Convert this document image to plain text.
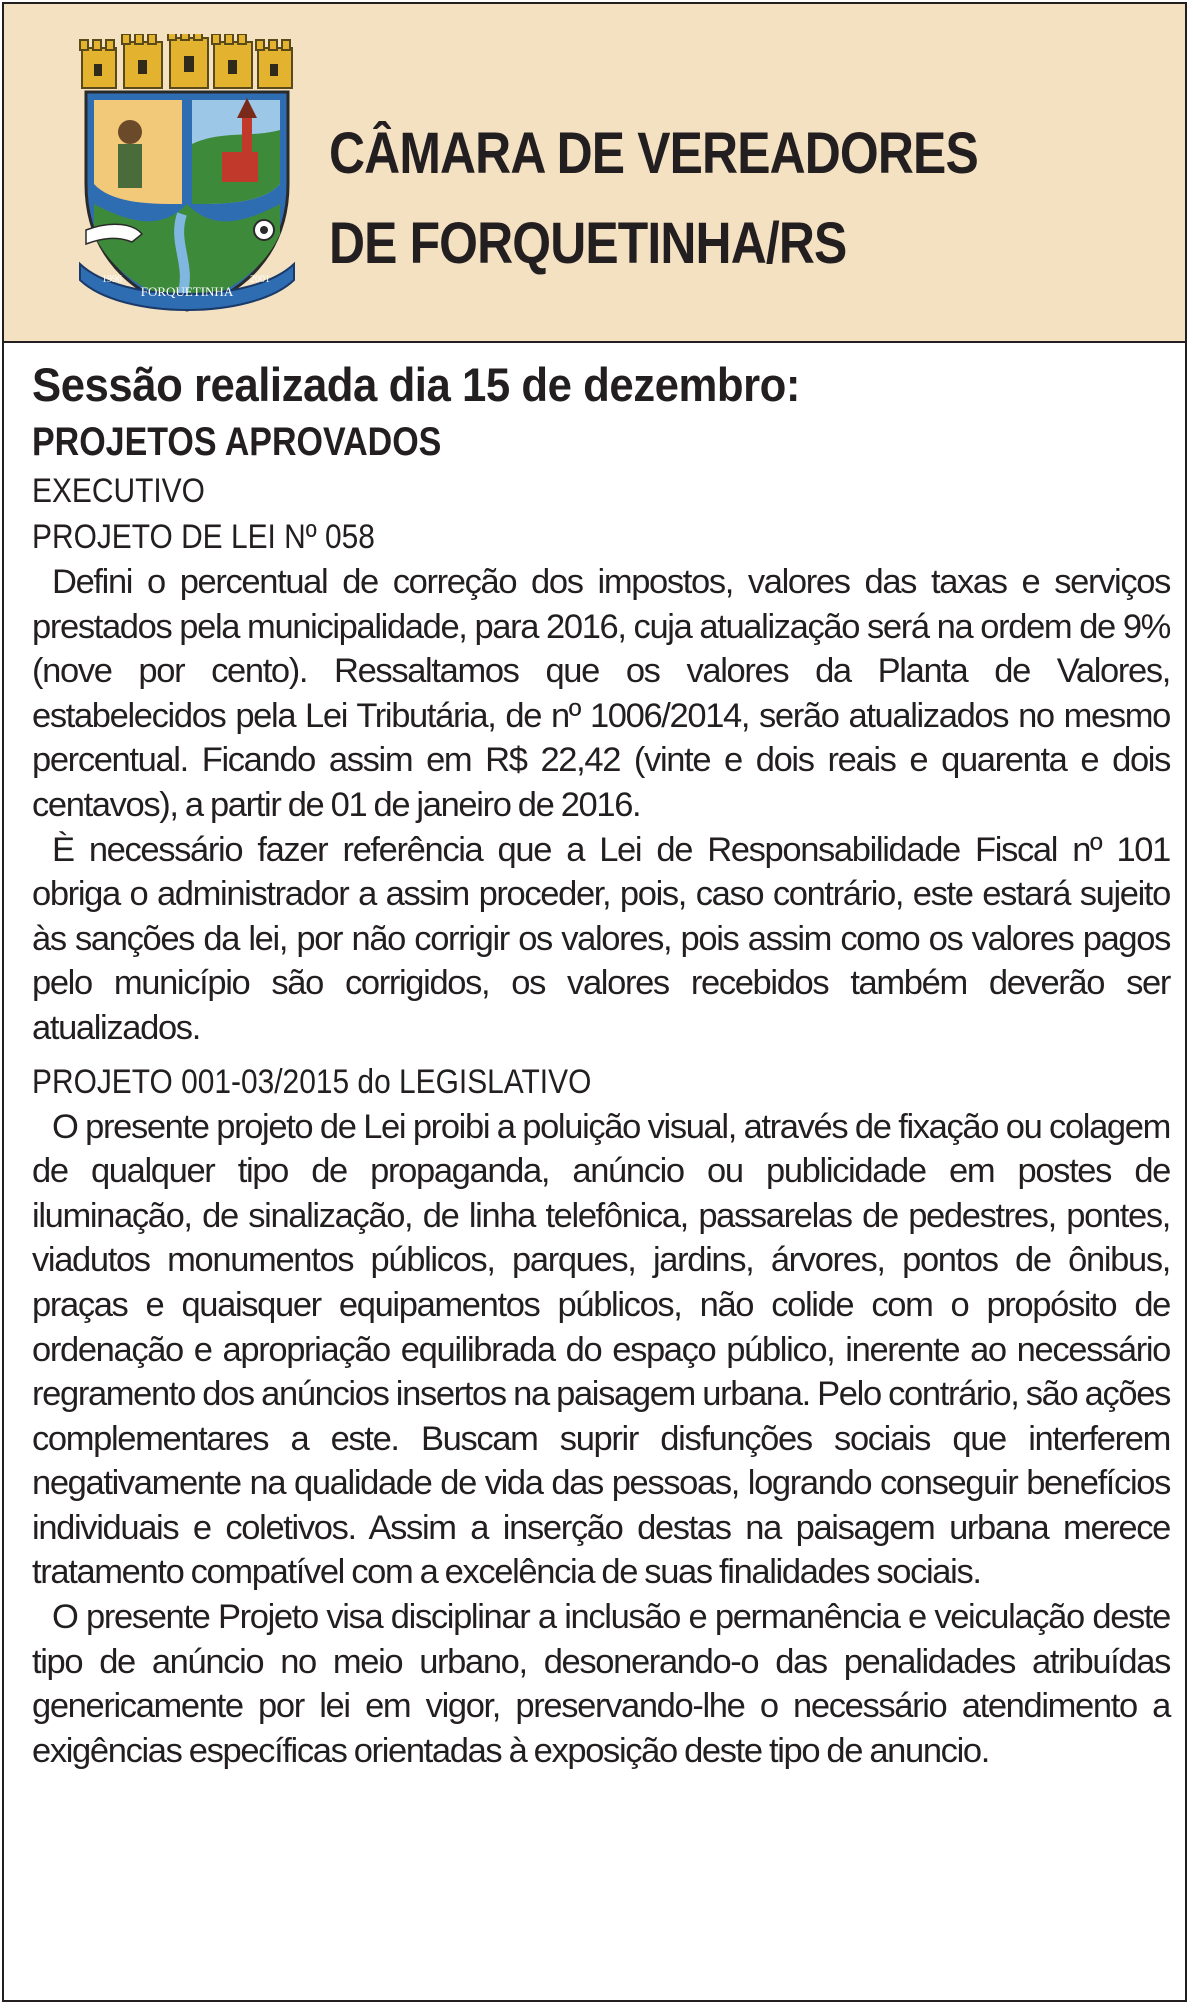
FORQUETINHA
1996	2001
CÂMARA DE VEREADORES
DE FORQUETINHA/RS

Sessão realizada dia 15 de dezembro:

PROJETOS APROVADOS

EXECUTIVO

PROJETO DE LEI Nº 058

Defini o percentual de correção dos impostos, valores das taxas e serviços prestados pela municipalidade, para 2016, cuja atualização será na ordem de 9% (nove por cento). Ressaltamos que os valores da Planta de Valores, estabelecidos pela Lei Tributária, de nº 1006/2014, serão atualizados no mesmo percentual. Ficando assim em R$ 22,42 (vinte e dois reais e quarenta e dois centavos), a partir de 01 de janeiro de 2016.

È necessário fazer referência que a Lei de Responsabilidade Fiscal nº 101 obriga o administrador a assim proceder, pois, caso contrário, este estará sujeito às sanções da lei, por não corrigir os valores, pois assim como os valores pagos pelo município são corrigidos, os valores recebidos também deverão ser atualizados.

PROJETO 001-03/2015 do LEGISLATIVO

O presente projeto de Lei proibi a poluição visual, através de fixação ou colagem de qualquer tipo de propaganda, anúncio ou publicidade em postes de iluminação, de sinalização, de linha telefônica, passarelas de pedestres, pontes, viadutos monumentos públicos, parques, jardins, árvores, pontos de ônibus, praças e quaisquer equipamentos públicos, não colide com o propósito de ordenação e apropriação equilibrada do espaço público, inerente ao necessário regramento dos anúncios insertos na paisagem urbana. Pelo contrário, são ações complementares a este. Buscam suprir disfunções sociais que interferem negativamente na qualidade de vida das pessoas, logrando conseguir benefícios individuais e coletivos. Assim a inserção destas na paisagem urbana merece tratamento compatível com a excelência de suas finalidades sociais.

O presente Projeto visa disciplinar a inclusão e permanência e veiculação deste tipo de anúncio no meio urbano, desonerando-o das penalidades atribuídas genericamente por lei em vigor, preservando-lhe o necessário atendimento a exigências específicas orientadas à exposição deste tipo de anuncio.
